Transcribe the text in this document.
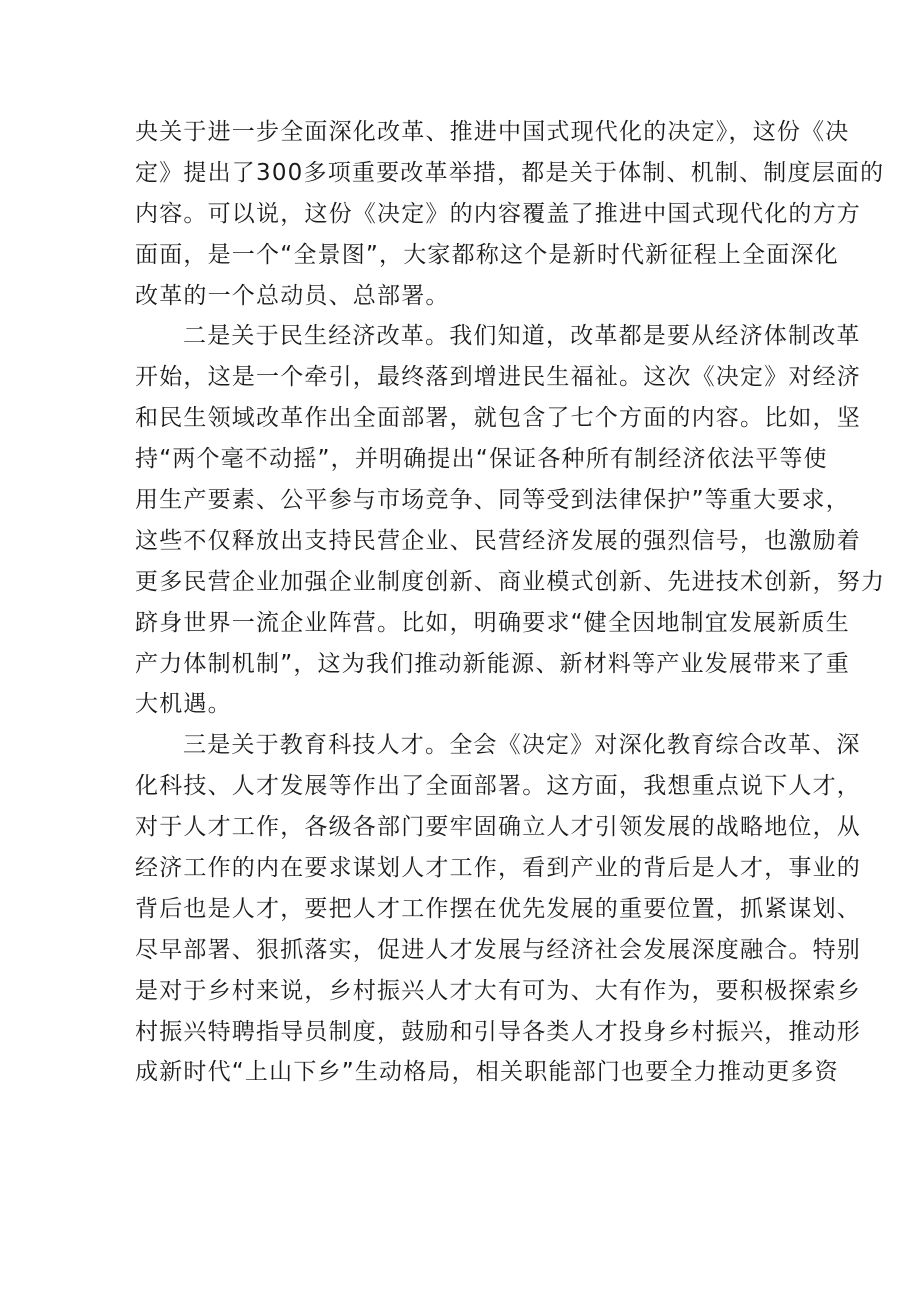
央关于进一步全面深化改革、推进中国式现代化的决定》，这份《决
定》提出了300多项重要改革举措，都是关于体制、机制、制度层面的
内容。可以说，这份《决定》的内容覆盖了推进中国式现代化的方方
面面，是一个“全景图”，大家都称这个是新时代新征程上全面深化
改革的一个总动员、总部署。
二是关于民生经济改革。我们知道，改革都是要从经济体制改革
开始，这是一个牵引，最终落到增进民生福祉。这次《决定》对经济
和民生领域改革作出全面部署，就包含了七个方面的内容。比如，坚
持“两个毫不动摇”，并明确提出“保证各种所有制经济依法平等使
用生产要素、公平参与市场竞争、同等受到法律保护”等重大要求，
这些不仅释放出支持民营企业、民营经济发展的强烈信号，也激励着
更多民营企业加强企业制度创新、商业模式创新、先进技术创新，努力
跻身世界一流企业阵营。比如，明确要求“健全因地制宜发展新质生
产力体制机制”，这为我们推动新能源、新材料等产业发展带来了重
大机遇。
三是关于教育科技人才。全会《决定》对深化教育综合改革、深
化科技、人才发展等作出了全面部署。这方面，我想重点说下人才，
对于人才工作，各级各部门要牢固确立人才引领发展的战略地位，从
经济工作的内在要求谋划人才工作，看到产业的背后是人才，事业的
背后也是人才，要把人才工作摆在优先发展的重要位置，抓紧谋划、
尽早部署、狠抓落实，促进人才发展与经济社会发展深度融合。特别
是对于乡村来说，乡村振兴人才大有可为、大有作为，要积极探索乡
村振兴特聘指导员制度，鼓励和引导各类人才投身乡村振兴，推动形
成新时代“上山下乡”生动格局，相关职能部门也要全力推动更多资
